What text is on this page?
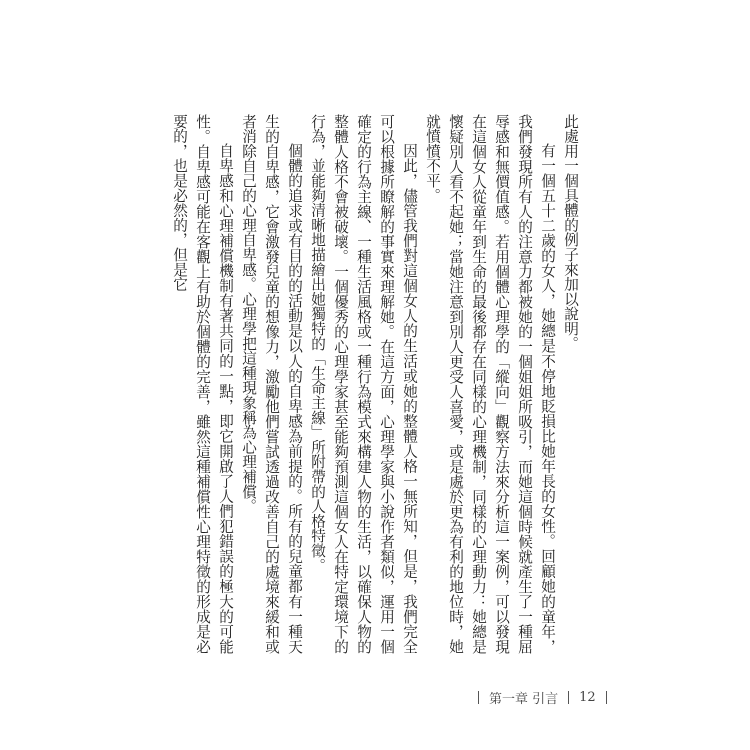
此處用一個具體的例子來加以說明。

有一個五十二歲的女人，她總是不停地貶損比她年長的女性。回顧她的童年，我們發現所有人的注意力都被她的一個姐姐所吸引，而她這個時候就產生了一種屈辱感和無價值感。若用個體心理學的「縱向」觀察方法來分析這一案例，可以發現在這個女人從童年到生命的最後都存在同樣的心理機制，同樣的心理動力：她總是懷疑別人看不起她；當她注意到別人更受人喜愛，或是處於更為有利的地位時，她就憤憤不平。

因此，儘管我們對這個女人的生活或她的整體人格一無所知，但是，我們完全可以根據所瞭解的事實來理解她。在這方面，心理學家與小說作者類似，運用一個確定的行為主線、一種生活風格或一種行為模式來構建人物的生活，以確保人物的整體人格不會被破壞。一個優秀的心理學家甚至能夠預測這個女人在特定環境下的行為，並能夠清晰地描繪出她獨特的「生命主線」所附帶的人格特徵。

個體的追求或有目的的活動是以人的自卑感為前提的。所有的兒童都有一種天生的自卑感，它會激發兒童的想像力，激勵他們嘗試透過改善自己的處境來緩和或者消除自己的心理自卑感。心理學把這種現象稱為心理補償。

自卑感和心理補償機制有著共同的一點，即它開啟了人們犯錯誤的極大的可能性。自卑感可能在客觀上有助於個體的完善，雖然這種補償性心理特徵的形成是必要的，也是必然的，但是它

第一章 引言 12
